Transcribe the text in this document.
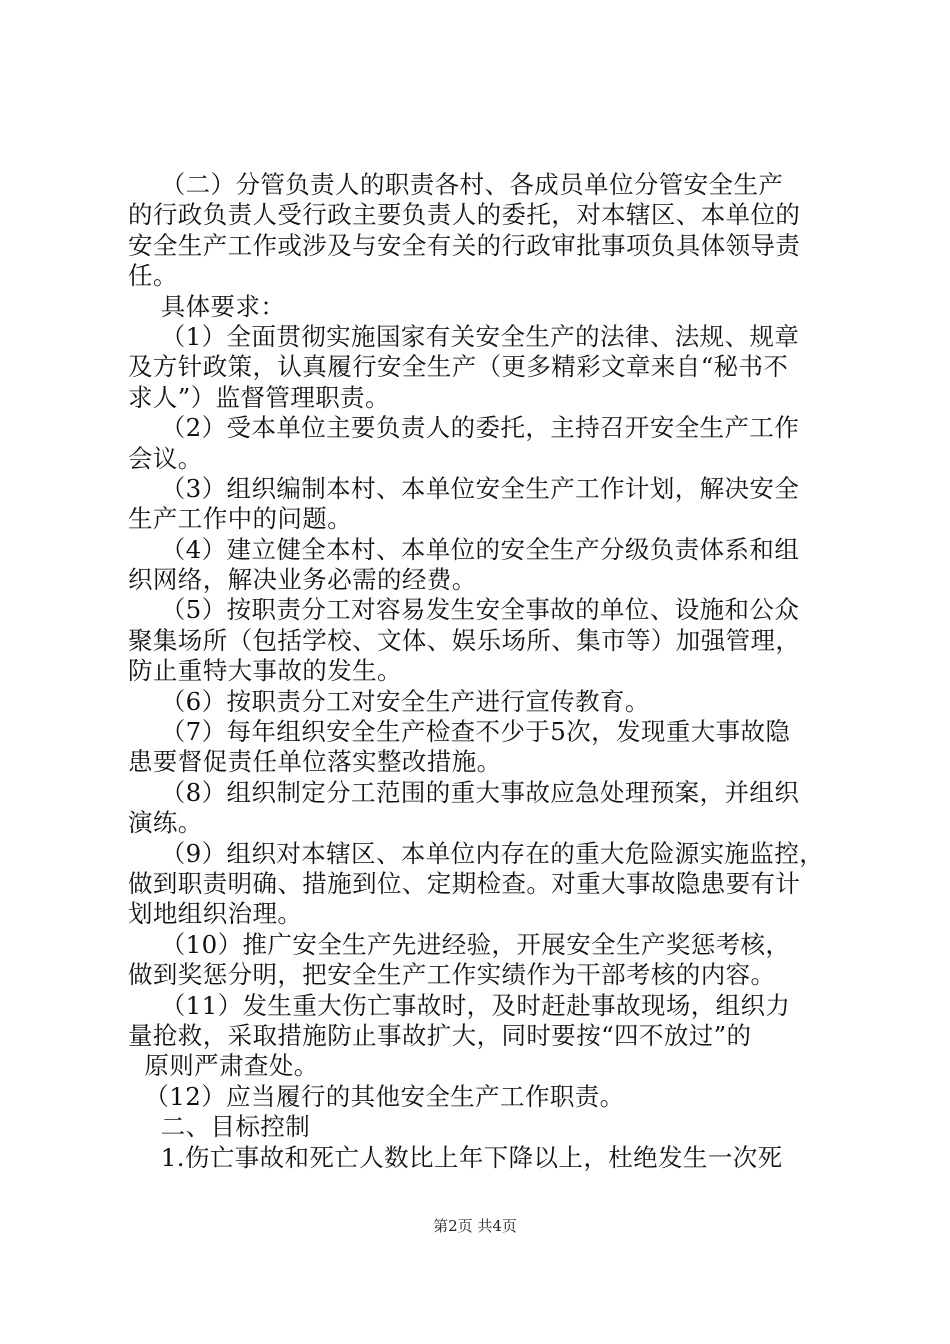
（二）分管负责人的职责各村、各成员单位分管安全生产
的行政负责人受行政主要负责人的委托，对本辖区、本单位的
安全生产工作或涉及与安全有关的行政审批事项负具体领导责
任。
具体要求：
（1）全面贯彻实施国家有关安全生产的法律、法规、规章
及方针政策，认真履行安全生产（更多精彩文章来自“秘书不
求人”）监督管理职责。
（2）受本单位主要负责人的委托，主持召开安全生产工作
会议。
（3）组织编制本村、本单位安全生产工作计划，解决安全
生产工作中的问题。
（4）建立健全本村、本单位的安全生产分级负责体系和组
织网络，解决业务必需的经费。
（5）按职责分工对容易发生安全事故的单位、设施和公众
聚集场所（包括学校、文体、娱乐场所、集市等）加强管理，
防止重特大事故的发生。
（6）按职责分工对安全生产进行宣传教育。
（7）每年组织安全生产检查不少于5次，发现重大事故隐
患要督促责任单位落实整改措施。
（8）组织制定分工范围的重大事故应急处理预案，并组织
演练。
（9）组织对本辖区、本单位内存在的重大危险源实施监控，
做到职责明确、措施到位、定期检查。对重大事故隐患要有计
划地组织治理。
（10）推广安全生产先进经验，开展安全生产奖惩考核，
做到奖惩分明，把安全生产工作实绩作为干部考核的内容。
（11）发生重大伤亡事故时，及时赶赴事故现场，组织力
量抢救，采取措施防止事故扩大，同时要按“四不放过”的
原则严肃查处。
（12）应当履行的其他安全生产工作职责。
二、目标控制
1.伤亡事故和死亡人数比上年下降以上，杜绝发生一次死
第2页 共4页
